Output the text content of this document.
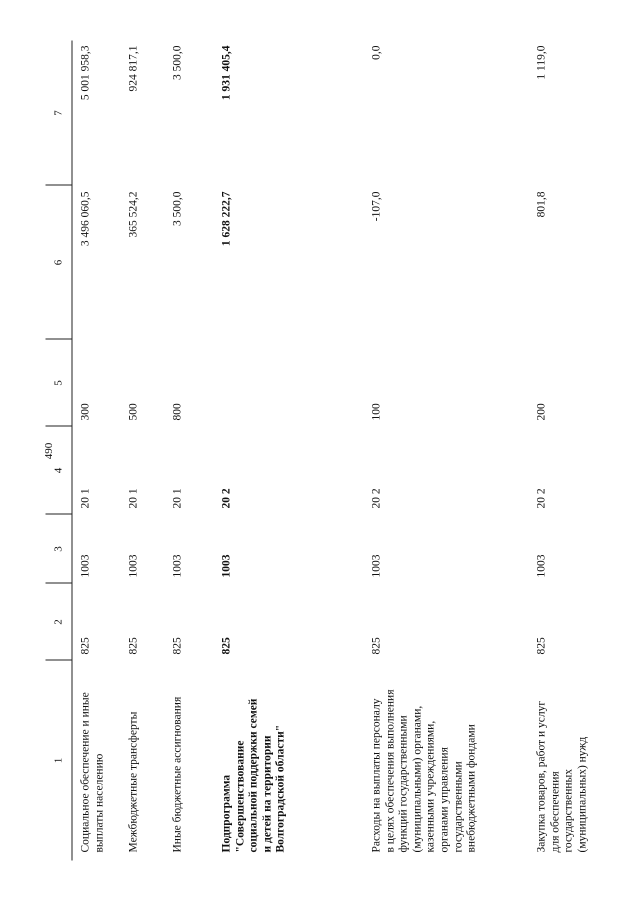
490
1
2
3
4
5
6
7
Социальное обеспечение и иные выплаты населению
825
1003
20 1
300
3 496 060,5
5 001 958,3
Межбюджетные трансферты
825
1003
20 1
500
365 524,2
924 817,1
Иные бюджетные ассигнования
825
1003
20 1
800
3 500,0
3 500,0
Подпрограмма "Совершенствование социальной поддержки семей и детей на территории Волгоградской области"
825
1003
20 2
1 628 222,7
1 931 405,4
Расходы на выплаты персоналу в целях обеспечения выполнения функций государственными (муниципальными) органами, казенными учреждениями, органами управления государственными внебюджетными фондами
825
1003
20 2
100
-107,0
0,0
Закупка товаров, работ и услуг для обеспечения государственных (муниципальных) нужд
825
1003
20 2
200
801,8
1 119,0
